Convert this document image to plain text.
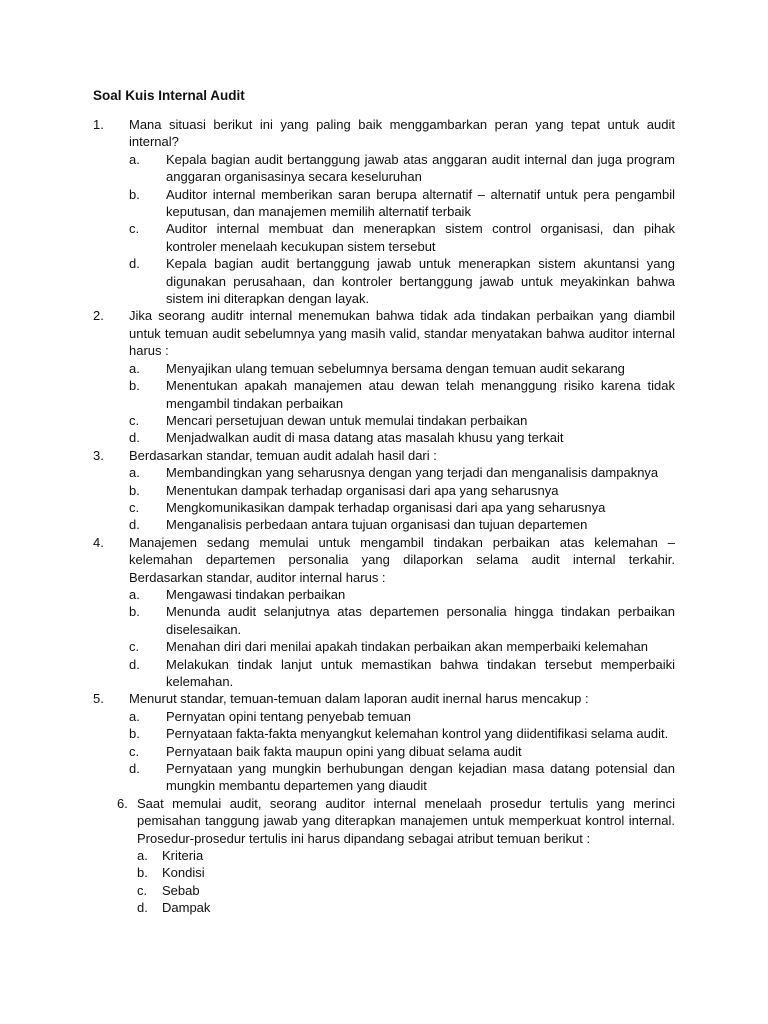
Soal Kuis Internal Audit
1. Mana situasi berikut ini yang paling baik menggambarkan peran yang tepat untuk audit internal?
a. Kepala bagian audit bertanggung jawab atas anggaran audit internal dan juga program anggaran organisasinya secara keseluruhan
b. Auditor internal memberikan saran berupa alternatif – alternatif untuk pera pengambil keputusan, dan manajemen memilih alternatif terbaik
c. Auditor internal membuat dan menerapkan sistem control organisasi, dan pihak kontroler menelaah kecukupan sistem tersebut
d. Kepala bagian audit bertanggung jawab untuk menerapkan sistem akuntansi yang digunakan perusahaan, dan kontroler bertanggung jawab untuk meyakinkan bahwa sistem ini diterapkan dengan layak.
2. Jika seorang auditr internal menemukan bahwa tidak ada tindakan perbaikan yang diambil untuk temuan audit sebelumnya yang masih valid, standar menyatakan bahwa auditor internal harus :
a. Menyajikan ulang temuan sebelumnya bersama dengan temuan audit sekarang
b. Menentukan apakah manajemen atau dewan telah menanggung risiko karena tidak mengambil tindakan perbaikan
c. Mencari persetujuan dewan untuk memulai tindakan perbaikan
d. Menjadwalkan audit di masa datang atas masalah khusu yang terkait
3. Berdasarkan standar, temuan audit adalah hasil dari :
a. Membandingkan yang seharusnya dengan yang terjadi dan menganalisis dampaknya
b. Menentukan dampak terhadap organisasi dari apa yang seharusnya
c. Mengkomunikasikan dampak terhadap organisasi dari apa yang seharusnya
d. Menganalisis perbedaan antara tujuan organisasi dan tujuan departemen
4. Manajemen sedang memulai untuk mengambil tindakan perbaikan atas kelemahan – kelemahan departemen personalia yang dilaporkan selama audit internal terkahir. Berdasarkan standar, auditor internal harus :
a. Mengawasi tindakan perbaikan
b. Menunda audit selanjutnya atas departemen personalia hingga tindakan perbaikan diselesaikan.
c. Menahan diri dari menilai apakah tindakan perbaikan akan memperbaiki kelemahan
d. Melakukan tindak lanjut untuk memastikan bahwa tindakan tersebut memperbaiki kelemahan.
5. Menurut standar, temuan-temuan dalam laporan audit inernal harus mencakup :
a. Pernyatan opini tentang penyebab temuan
b. Pernyataan fakta-fakta menyangkut kelemahan kontrol yang diidentifikasi selama audit.
c. Pernyataan baik fakta maupun opini yang dibuat selama audit
d. Pernyataan yang mungkin berhubungan dengan kejadian masa datang potensial dan mungkin membantu departemen yang diaudit
6. Saat memulai audit, seorang auditor internal menelaah prosedur tertulis yang merinci pemisahan tanggung jawab yang diterapkan manajemen untuk memperkuat kontrol internal. Prosedur-prosedur tertulis ini harus dipandang sebagai atribut temuan berikut :
a. Kriteria
b. Kondisi
c. Sebab
d. Dampak
